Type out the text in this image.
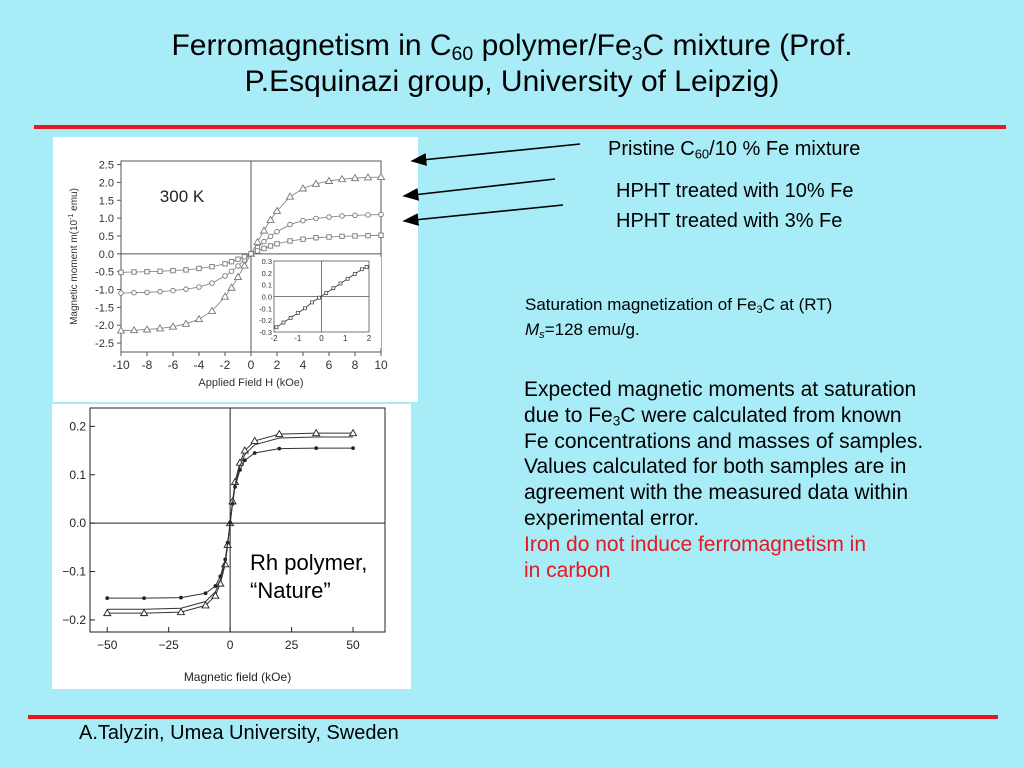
Ferromagnetism in $C_{60}$ polymer/$Fe_3C$ mixture (Prof.
P.Esquinazi group, University of Leipzig)
-10 -8 -6 -4 -2 0 2 4 6 8 10
2.5
2.0
1.5
1.0
0.5
0.0
-0.5
-1.0
-1.5
-2.0
-2.5
Applied Field H (kOe)
Magnetic moment $m(10^{-1}$ emu)	300 K
-2 -1 0 1 2
0.3
0.2
0.1
0.0
-0.1
-0.2
-0.3
−50	−25	0	25	50
0.2
0.1
0.0
−0.1
−0.2
Magnetic field (kOe)
Pristine $C_{60}/10$ % Fe mixture
HPHT treated with 10% Fe
HPHT treated with 3% Fe
Saturation magnetization of $Fe_3C$ at (RT)
$M_s=128$ emu/g.
Expected magnetic moments at saturation
due to $Fe_3C$ were calculated from known
Fe concentrations and masses of samples.
Values calculated for both samples are in
agreement with the measured data within
experimental error.
Iron do not induce ferromagnetism in
in carbon
Rh polymer,
“Nature”
A.Talyzin, Umea University, Sweden
